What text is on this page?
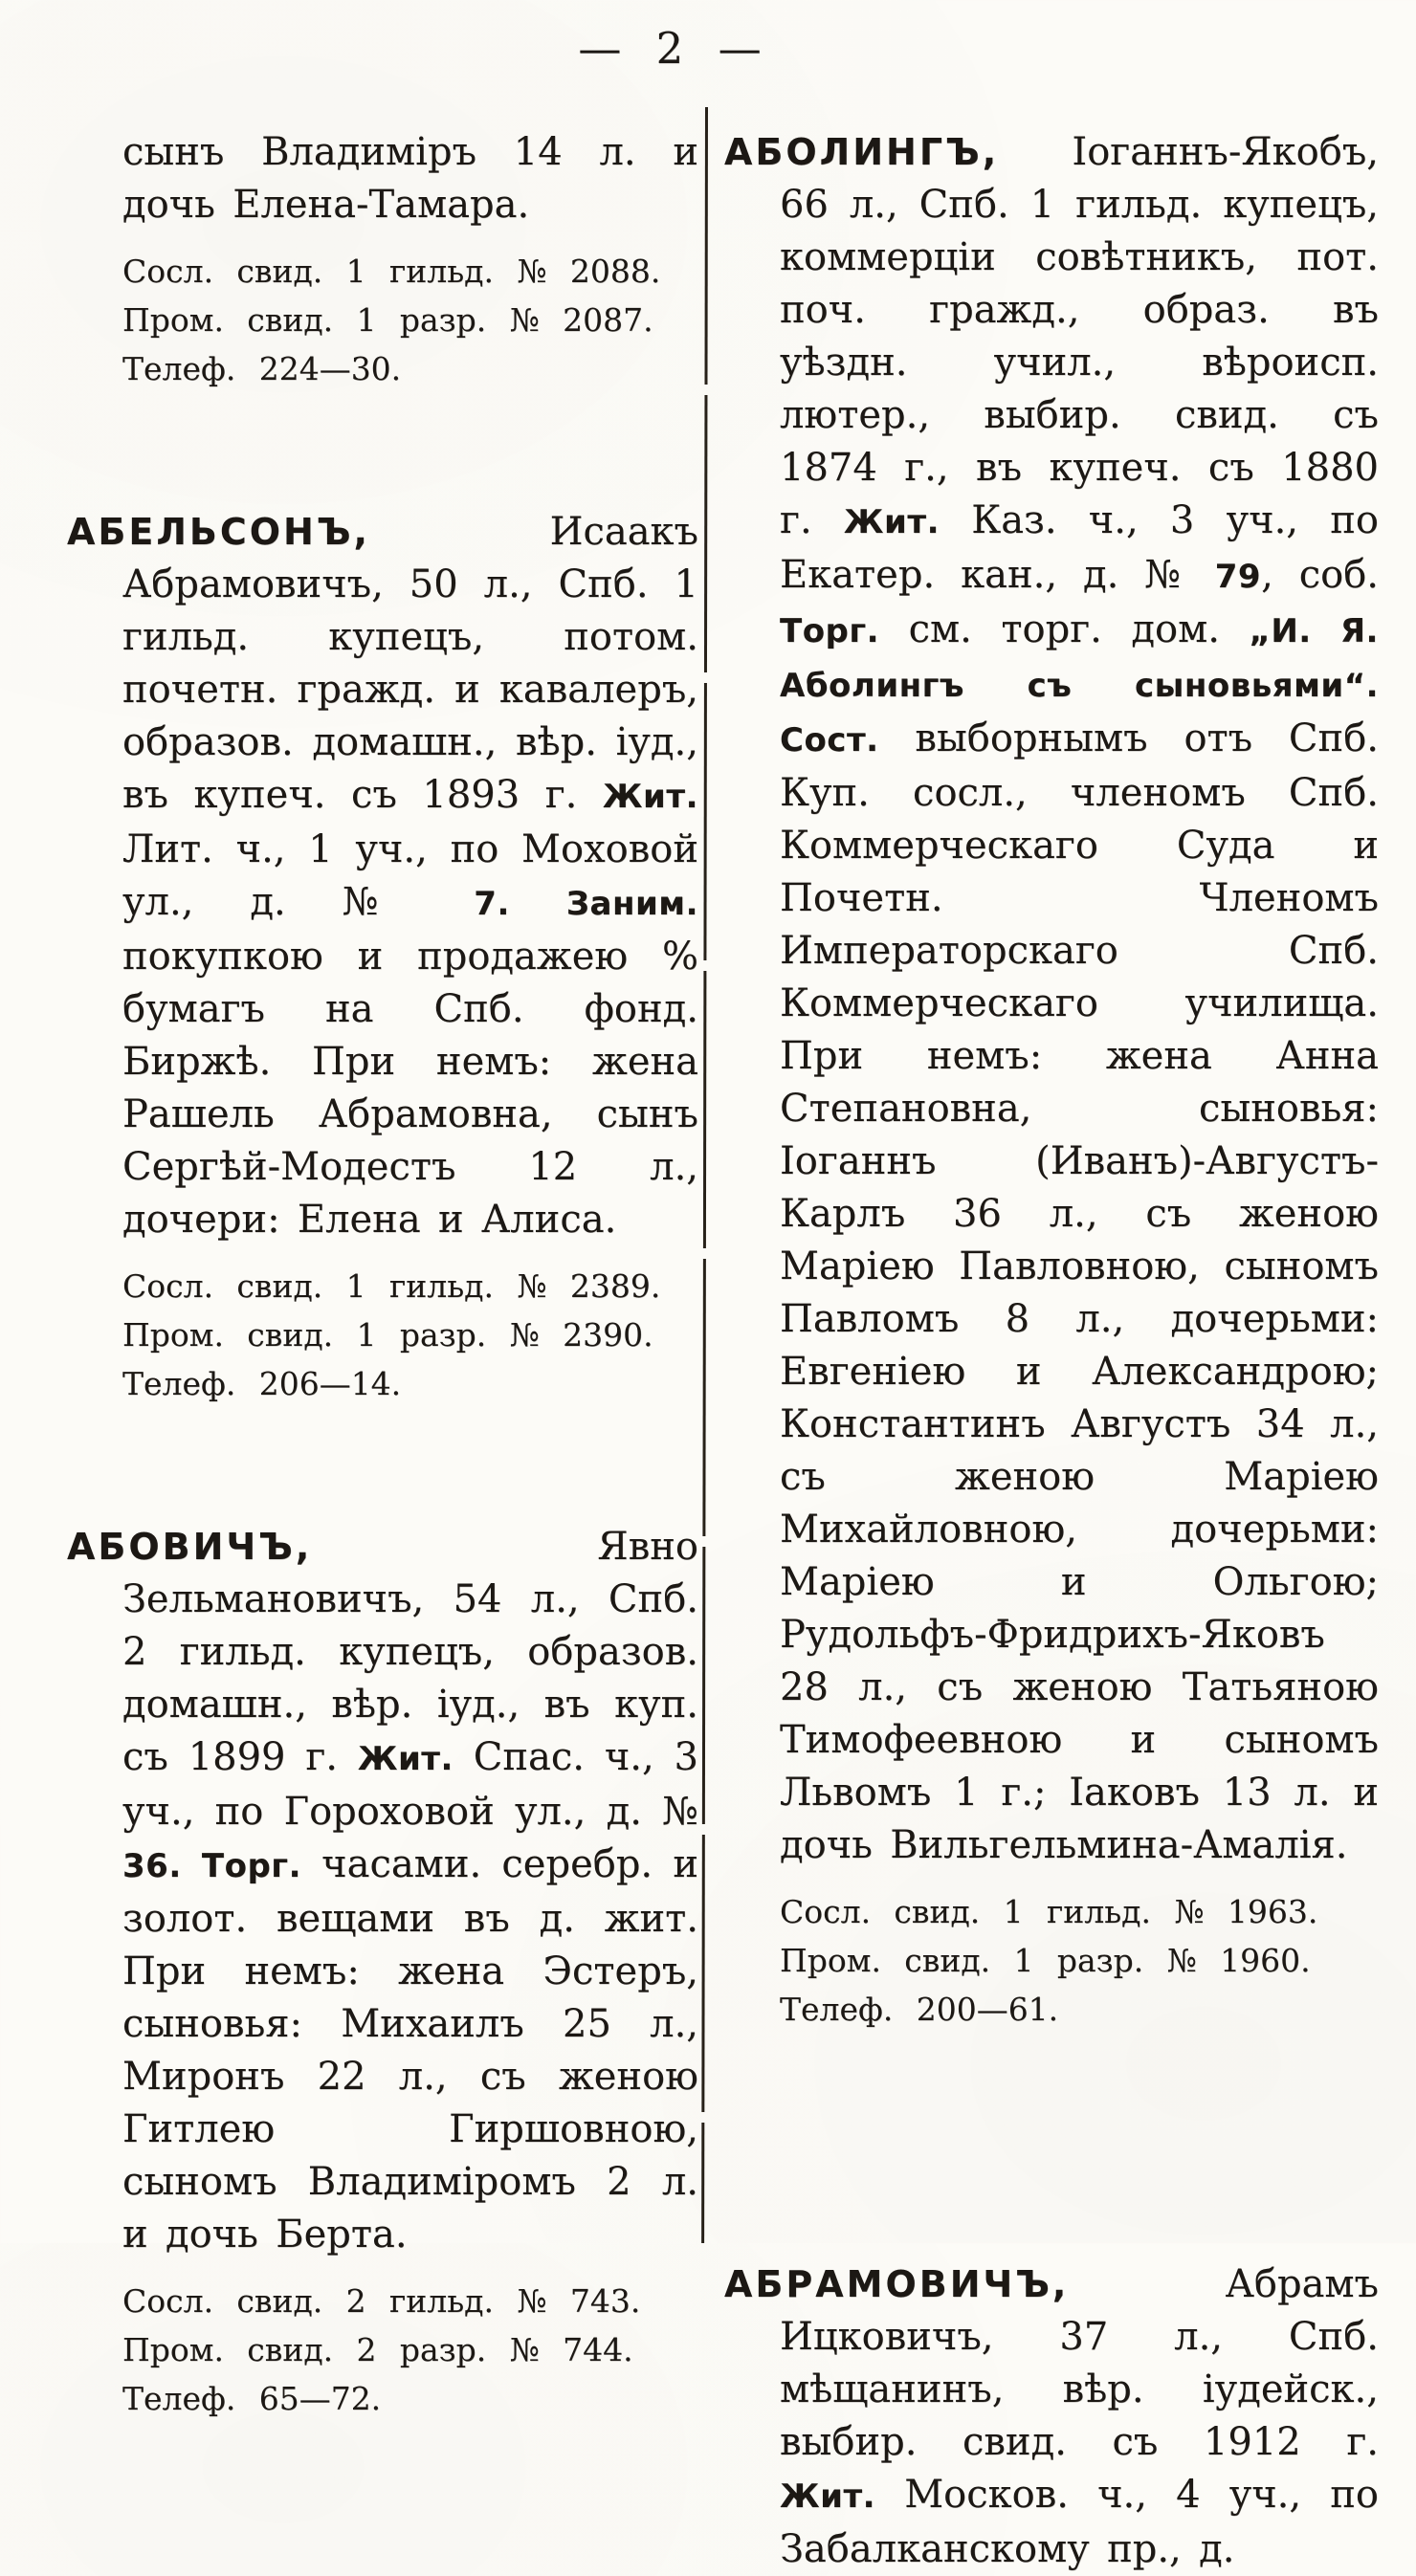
— 2 —

сынъ Владиміръ 14 л. и дочь Елена-Тамара.

Сосл. свид. 1 гильд. № 2088.
Пром. свид. 1 разр. № 2087.
Телеф. 224—30.

АБЕЛЬСОНЪ, Исаакъ Абрамовичъ, 50 л., Спб. 1 гильд. купецъ, потом. почетн. гражд. и кавалеръ, образов. домашн., вѣр. іуд., въ купеч. съ 1893 г. Жит. Лит. ч., 1 уч., по Моховой ул., д. № 7. Заним. покупкою и продажею % бумагъ на Спб. фонд. Биржѣ. При немъ: жена Рашель Абрамовна, сынъ Сергѣй-Модестъ 12 л., дочери: Елена и Алиса.

Сосл. свид. 1 гильд. № 2389.
Пром. свид. 1 разр. № 2390.
Телеф. 206—14.

АБОВИЧЪ, Явно Зельмановичъ, 54 л., Спб. 2 гильд. купецъ, образов. домашн., вѣр. іуд., въ куп. съ 1899 г. Жит. Спас. ч., 3 уч., по Гороховой ул., д. № 36. Торг. часами. серебр. и золот. вещами въ д. жит. При немъ: жена Эстеръ, сыновья: Михаилъ 25 л., Миронъ 22 л., съ женою Гитлею Гиршовною, сыномъ Владиміромъ 2 л. и дочь Берта.

Сосл. свид. 2 гильд. № 743.
Пром. свид. 2 разр. № 744.
Телеф. 65—72.

АБОЛИНГЪ, Іоганнъ-Якобъ, 66 л., Спб. 1 гильд. купецъ, коммерціи совѣтникъ, пот. поч. гражд., образ. въ уѣздн. учил., вѣроисп. лютер., выбир. свид. съ 1874 г., въ купеч. съ 1880 г. Жит. Каз. ч., 3 уч., по Екатер. кан., д. № 79, соб. Торг. см. торг. дом. „И. Я. Аболингъ съ сыновьями“. Сост. выборнымъ отъ Спб. Куп. сосл., членомъ Спб. Коммерческаго Суда и Почетн. Членомъ Императорскаго Спб. Коммерческаго училища. При немъ: жена Анна Степановна, сыновья: Іоганнъ (Иванъ)-Августъ-Карлъ 36 л., съ женою Маріею Павловною, сыномъ Павломъ 8 л., дочерьми: Евгеніею и Александрою; Константинъ Августъ 34 л., съ женою Маріею Михайловною, дочерьми: Маріею и Ольгою; Рудольфъ-Фридрихъ-Яковъ 28 л., съ женою Татьяною Тимофеевною и сыномъ Львомъ 1 г.; Іаковъ 13 л. и дочь Вильгельмина-Амалія.

Сосл. свид. 1 гильд. № 1963.
Пром. свид. 1 разр. № 1960.
Телеф. 200—61.

АБРАМОВИЧЪ, Абрамъ Ицковичъ, 37 л., Спб. мѣщанинъ, вѣр. іудейск., выбир. свид. съ 1912 г. Жит. Москов. ч., 4 уч., по Забалканскому пр., д.
